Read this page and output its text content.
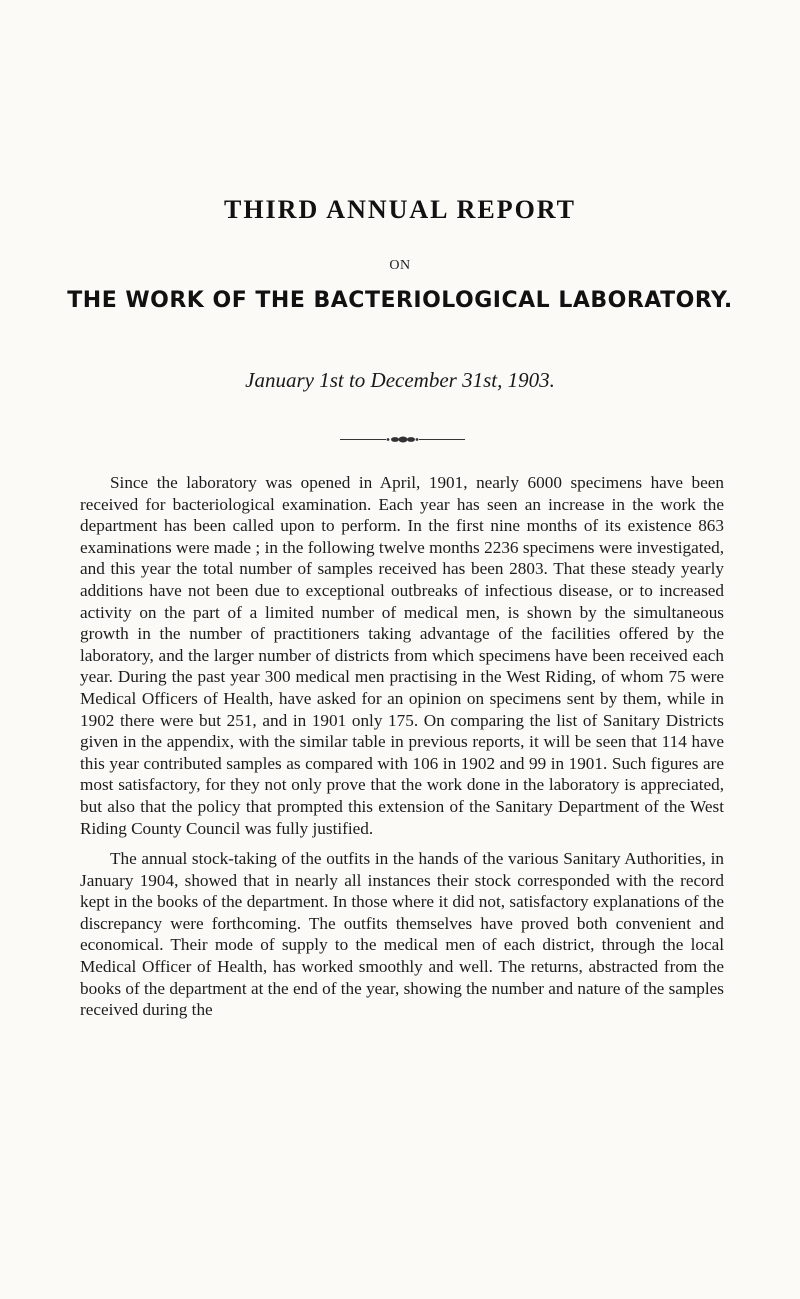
THIRD ANNUAL REPORT
ON
THE WORK OF THE BACTERIOLOGICAL LABORATORY.
January 1st to December 31st, 1903.

Since the laboratory was opened in April, 1901, nearly 6000 specimens have been received for bacteriological examination. Each year has seen an increase in the work the department has been called upon to perform. In the first nine months of its existence 863 examinations were made ; in the following twelve months 2236 specimens were investigated, and this year the total number of samples received has been 2803. That these steady yearly additions have not been due to exceptional outbreaks of infectious disease, or to increased activity on the part of a limited number of medical men, is shown by the simultaneous growth in the number of practitioners taking advantage of the facilities offered by the laboratory, and the larger number of districts from which specimens have been received each year. During the past year 300 medical men practising in the West Riding, of whom 75 were Medical Officers of Health, have asked for an opinion on specimens sent by them, while in 1902 there were but 251, and in 1901 only 175. On comparing the list of Sanitary Districts given in the appendix, with the similar table in previous reports, it will be seen that 114 have this year contributed samples as compared with 106 in 1902 and 99 in 1901. Such figures are most satisfactory, for they not only prove that the work done in the laboratory is appreciated, but also that the policy that prompted this extension of the Sanitary Department of the West Riding County Council was fully justified.

The annual stock-taking of the outfits in the hands of the various Sanitary Authorities, in January 1904, showed that in nearly all instances their stock corresponded with the record kept in the books of the department. In those where it did not, satisfactory explanations of the discrepancy were forthcoming. The outfits themselves have proved both convenient and economical. Their mode of supply to the medical men of each district, through the local Medical Officer of Health, has worked smoothly and well. The returns, abstracted from the books of the department at the end of the year, showing the number and nature of the samples received during the
